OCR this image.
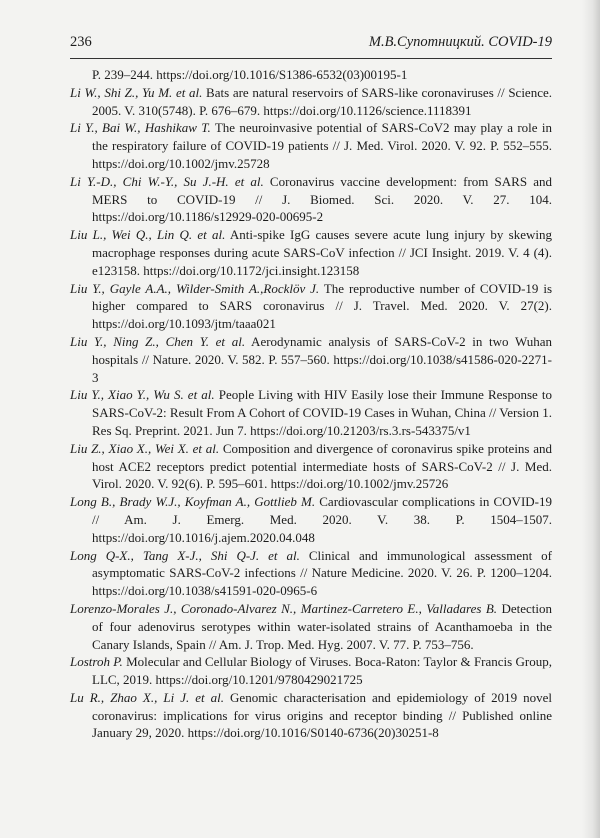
236	М.В.Супотницкий. COVID-19

P. 239–244. https://doi.org/10.1016/S1386-6532(03)00195-1

Li W., Shi Z., Yu M. et al. Bats are natural reservoirs of SARS-like coronaviruses // Science. 2005. V. 310(5748). P. 676–679. https://doi.org/10.1126/science.1118391

Li Y., Bai W., Hashikaw T. The neuroinvasive potential of SARS-CoV2 may play a role in the respiratory failure of COVID-19 patients // J. Med. Virol. 2020. V. 92. P. 552–555. https://doi.org/10.1002/jmv.25728

Li Y.-D., Chi W.-Y., Su J.-H. et al. Coronavirus vaccine development: from SARS and MERS to COVID-19 // J. Biomed. Sci. 2020. V. 27. 104. https://doi.org/10.1186/s12929-020-00695-2

Liu L., Wei Q., Lin Q. et al. Anti-spike IgG causes severe acute lung injury by skewing macrophage responses during acute SARS-CoV infection // JCI Insight. 2019. V. 4 (4). e123158. https://doi.org/10.1172/jci.insight.123158

Liu Y., Gayle A.A., Wilder-Smith A.,Rocklöv J. The reproductive number of COVID-19 is higher compared to SARS coronavirus // J. Travel. Med. 2020. V. 27(2). https://doi.org/10.1093/jtm/taaa021

Liu Y., Ning Z., Chen Y. et al. Aerodynamic analysis of SARS-CoV-2 in two Wuhan hospitals // Nature. 2020. V. 582. P. 557–560. https://doi.org/10.1038/s41586-020-2271-3

Liu Y., Xiao Y., Wu S. et al. People Living with HIV Easily lose their Immune Response to SARS-CoV-2: Result From A Cohort of COVID-19 Cases in Wuhan, China // Version 1. Res Sq. Preprint. 2021. Jun 7. https://doi.org/10.21203/rs.3.rs-543375/v1

Liu Z., Xiao X., Wei X. et al. Composition and divergence of coronavirus spike proteins and host ACE2 receptors predict potential intermediate hosts of SARS-CoV-2 // J. Med. Virol. 2020. V. 92(6). P. 595–601. https://doi.org/10.1002/jmv.25726

Long B., Brady W.J., Koyfman A., Gottlieb M. Cardiovascular complications in COVID-19 // Am. J. Emerg. Med. 2020. V. 38. P. 1504–1507. https://doi.org/10.1016/j.ajem.2020.04.048

Long Q-X., Tang X-J., Shi Q-J. et al. Clinical and immunological assessment of asymptomatic SARS-CoV-2 infections // Nature Medicine. 2020. V. 26. P. 1200–1204. https://doi.org/10.1038/s41591-020-0965-6

Lorenzo-Morales J., Coronado-Alvarez N., Martinez-Carretero E., Valladares B. Detection of four adenovirus serotypes within water-isolated strains of Acanthamoeba in the Canary Islands, Spain // Am. J. Trop. Med. Hyg. 2007. V. 77. P. 753–756.

Lostroh P. Molecular and Cellular Biology of Viruses. Boca-Raton: Taylor & Francis Group, LLC, 2019. https://doi.org/10.1201/9780429021725

Lu R., Zhao X., Li J. et al. Genomic characterisation and epidemiology of 2019 novel coronavirus: implications for virus origins and receptor binding // Published online January 29, 2020. https://doi.org/10.1016/S0140-6736(20)30251-8
